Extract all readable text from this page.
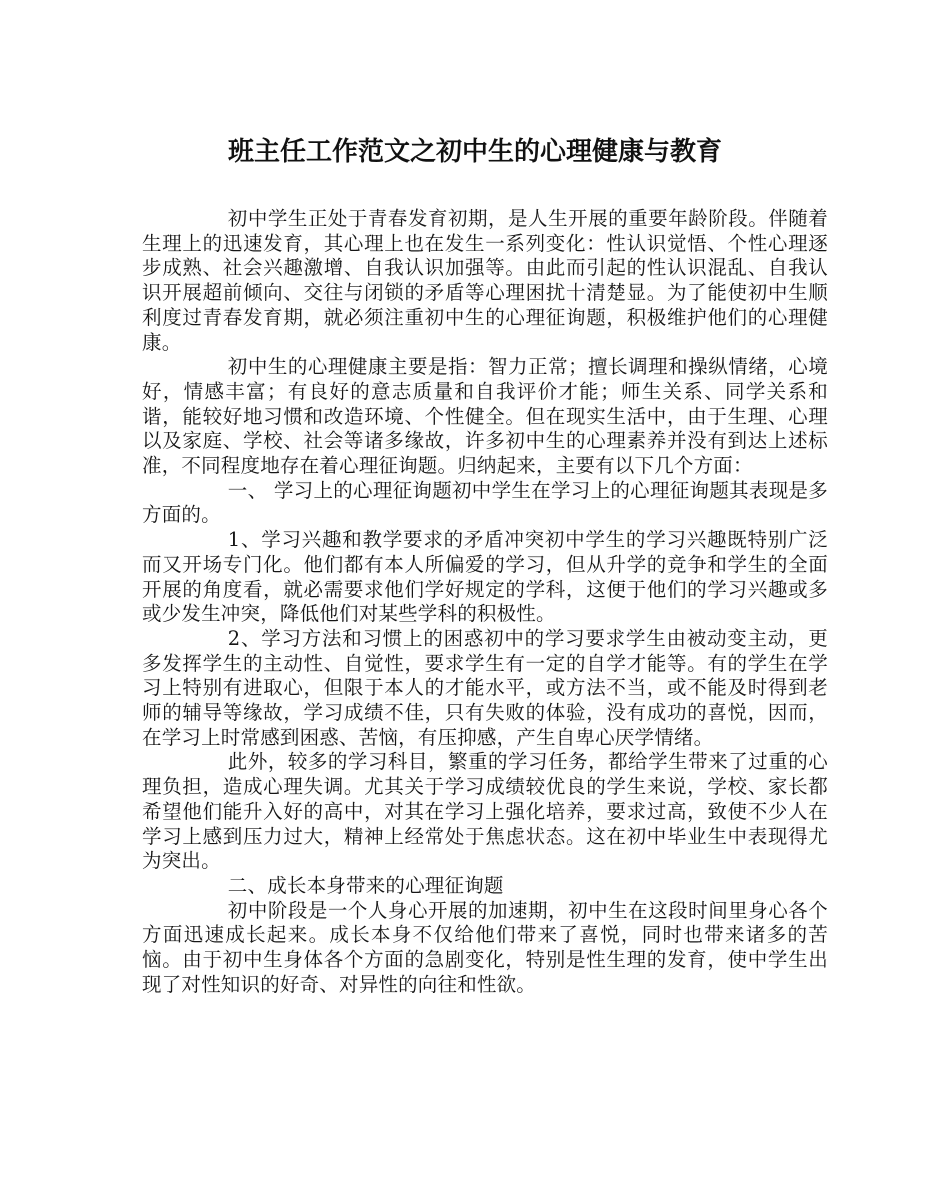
班主任工作范文之初中生的心理健康与教育

初中学生正处于青春发育初期，是人生开展的重要年龄阶段。伴随着生理上的迅速发育，其心理上也在发生一系列变化：性认识觉悟、个性心理逐步成熟、社会兴趣激增、自我认识加强等。由此而引起的性认识混乱、自我认识开展超前倾向、交往与闭锁的矛盾等心理困扰十清楚显。为了能使初中生顺利度过青春发育期，就必须注重初中生的心理征询题，积极维护他们的心理健康。

初中生的心理健康主要是指：智力正常；擅长调理和操纵情绪，心境好，情感丰富；有良好的意志质量和自我评价才能；师生关系、同学关系和谐，能较好地习惯和改造环境、个性健全。但在现实生活中，由于生理、心理以及家庭、学校、社会等诸多缘故，许多初中生的心理素养并没有到达上述标准，不同程度地存在着心理征询题。归纳起来，主要有以下几个方面：

一、 学习上的心理征询题初中学生在学习上的心理征询题其表现是多方面的。

1、学习兴趣和教学要求的矛盾冲突初中学生的学习兴趣既特别广泛而又开场专门化。他们都有本人所偏爱的学习，但从升学的竞争和学生的全面开展的角度看，就必需要求他们学好规定的学科，这便于他们的学习兴趣或多或少发生冲突，降低他们对某些学科的积极性。

2、学习方法和习惯上的困惑初中的学习要求学生由被动变主动，更多发挥学生的主动性、自觉性，要求学生有一定的自学才能等。有的学生在学习上特别有进取心，但限于本人的才能水平，或方法不当，或不能及时得到老师的辅导等缘故，学习成绩不佳，只有失败的体验，没有成功的喜悦，因而，在学习上时常感到困惑、苦恼，有压抑感，产生自卑心厌学情绪。

此外，较多的学习科目，繁重的学习任务，都给学生带来了过重的心理负担，造成心理失调。尤其关于学习成绩较优良的学生来说，学校、家长都希望他们能升入好的高中，对其在学习上强化培养，要求过高，致使不少人在学习上感到压力过大，精神上经常处于焦虑状态。这在初中毕业生中表现得尤为突出。

二、成长本身带来的心理征询题

初中阶段是一个人身心开展的加速期，初中生在这段时间里身心各个方面迅速成长起来。成长本身不仅给他们带来了喜悦，同时也带来诸多的苦恼。由于初中生身体各个方面的急剧变化，特别是性生理的发育，使中学生出现了对性知识的好奇、对异性的向往和性欲。
